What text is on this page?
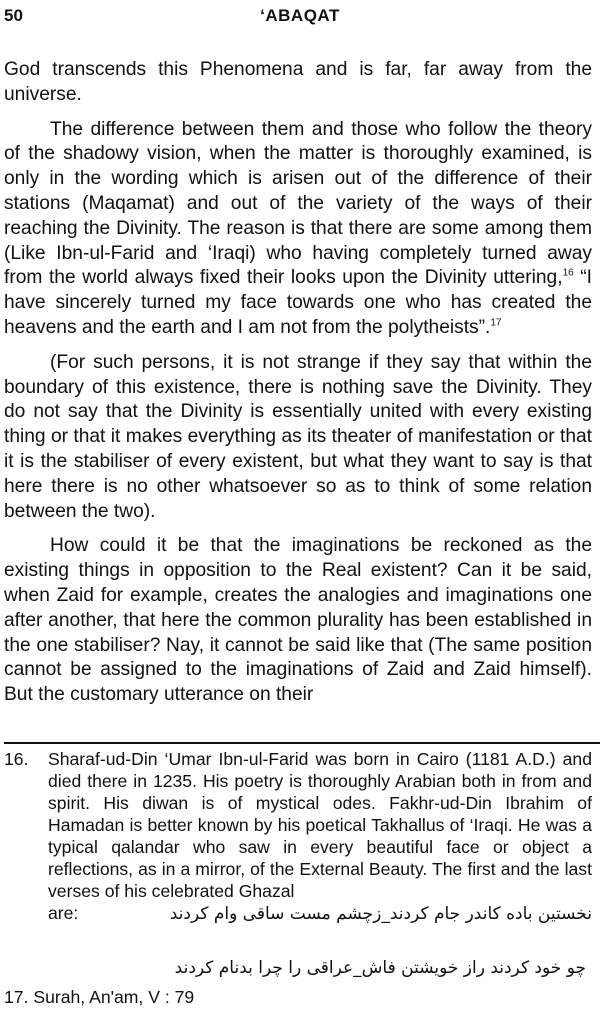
50	‘ABAQAT

God transcends this Phenomena and is far, far away from the universe.

The difference between them and those who follow the theory of the shadowy vision, when the matter is thoroughly examined, is only in the wording which is arisen out of the difference of their stations (Maqamat) and out of the variety of the ways of their reaching the Divinity. The reason is that there are some among them (Like Ibn-ul-Farid and ‘Iraqi) who having completely turned away from the world always fixed their looks upon the Divinity uttering,$^{16}$ “I have sincerely turned my face towards one who has created the heavens and the earth and I am not from the polytheists”.$^{17}$

(For such persons, it is not strange if they say that within the boundary of this existence, there is nothing save the Divinity. They do not say that the Divinity is essentially united with every existing thing or that it makes everything as its theater of manifestation or that it is the stabiliser of every existent, but what they want to say is that here there is no other whatsoever so as to think of some relation between the two).

How could it be that the imaginations be reckoned as the existing things in opposition to the Real existent? Can it be said, when Zaid for example, creates the analogies and imaginations one after another, that here the common plurality has been established in the one stabiliser? Nay, it cannot be said like that (The same position cannot be assigned to the imaginations of Zaid and Zaid himself). But the customary utterance on their

16. Sharaf-ud-Din ‘Umar Ibn-ul-Farid was born in Cairo (1181 A.D.) and died there in 1235. His poetry is thoroughly Arabian both in from and spirit. His diwan is of mystical odes. Fakhr-ud-Din Ibrahim of Hamadan is better known by his poetical Takhallus of ‘Iraqi. He was a typical qalandar who saw in every beautiful face or object a reflections, as in a mirror, of the External Beauty. The first and the last verses of his celebrated Ghazal
are:	نخستین باده کاندر جام کردند_زچشم مست ساقی وام کردند
چو خود کردند راز خویشتن فاش_عراقی را چرا بدنام کردند
17. Surah, An'am, V : 79
